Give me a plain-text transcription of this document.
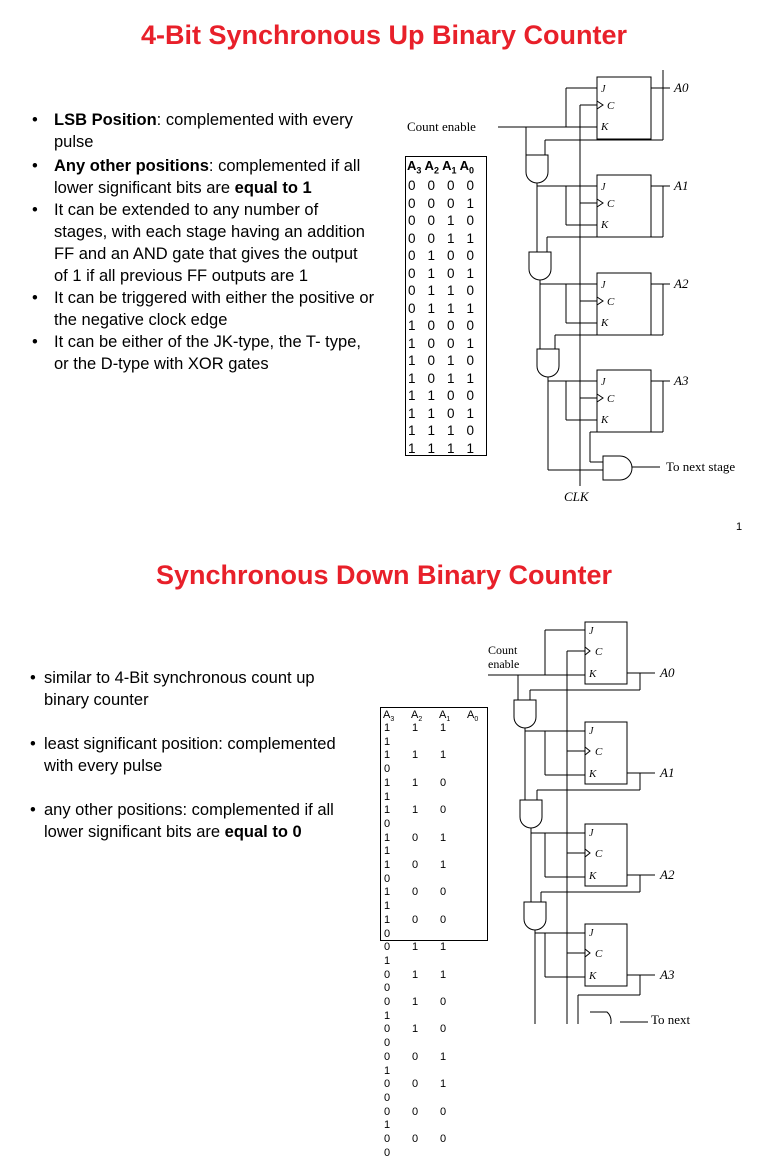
4-Bit Synchronous Up Binary Counter
• LSB Position: complemented with every pulse
• Any other positions: complemented if all lower significant bits are equal to 1
• It can be extended to any number of stages, with each stage having an addition FF and an AND gate that gives the output of 1 if all previous FF outputs are 1
• It can be triggered with either the positive or the negative clock edge
• It can be either of the JK-type, the T- type, or the D-type with XOR gates
$A_3$ $A_2$ $A_1$ $A_0$
0 0 0 0
0 0 0 1
0 0 1 0
0 0 1 1
0 1 0 0
0 1 0 1
0 1 1 0
0 1 1 1
1 0 0 0
1 0 0 1
1 0 1 0
1 0 1 1
1 1 0 0
1 1 0 1
1 1 1 0
1 1 1 1
Count enable
J
C
K
J
C
K
J
C
K
J
C
K
A0
A1
A2
A3
To next stage
CLK
1
Synchronous Down Binary Counter
• similar to 4-Bit synchronous count up binary counter
• least significant position: complemented with every pulse
• any other positions: complemented if all lower significant bits are equal to 0
$A_3$ $A_2$ $A_1$ $A_0$
1 1 11
1 1 10
1 1 01
1 1 00
1 0 11
1 0 10
1 0 01
1 0 00
0 1 11
0 1 10
0 1 01
0 1 00
0 0 11
0 0 10
0 0 01
0 0 00
Count
enable
J
C
K
J
C
K
J
C
K
J
C
K
A0
A1
A2
A3
To next
